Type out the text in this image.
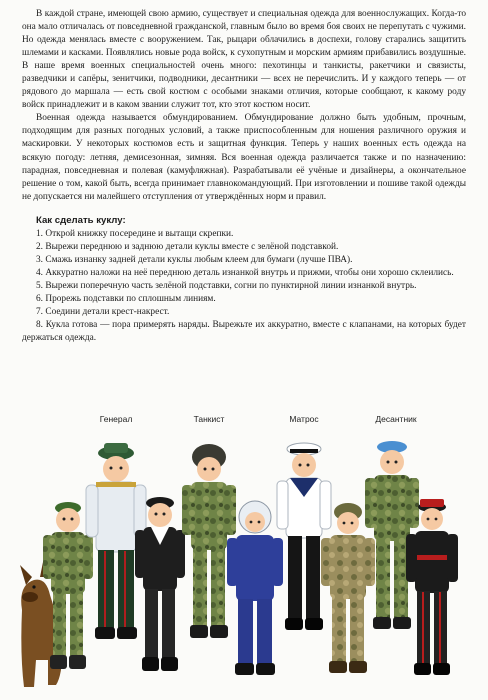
В каждой стране, имеющей свою армию, существует и специальная одежда для военнослужащих. Когда-то она мало отличалась от повседневной гражданской, главным было во время боя своих не перепутать с чужими. Но одежда менялась вместе с вооружением. Так, рыцари облачились в доспехи, голову старались защитить шлемами и касками. Появлялись новые рода войск, к сухопутным и морским армиям прибавились воздушные. В наше время военных специальностей очень много: пехотинцы и танкисты, ракетчики и связисты, разведчики и сапёры, зенитчики, подводники, десантники — всех не перечислить. И у каждого теперь — от рядового до маршала — есть свой костюм с особыми знаками отличия, которые сообщают, к какому роду войск принадлежит и в каком звании служит тот, кто этот костюм носит.

Военная одежда называется обмундированием. Обмундирование должно быть удобным, прочным, подходящим для разных погодных условий, а также приспособленным для ношения различного оружия и маскировки. У некоторых костюмов есть и защитная функция. Теперь у наших военных есть одежда на всякую погоду: летняя, демисезонная, зимняя. Вся военная одежда различается также и по назначению: парадная, повседневная и полевая (камуфляжная). Разрабатывали её учёные и дизайнеры, а окончательное решение о том, какой быть, всегда принимает главнокомандующий. При изготовлении и пошиве такой одежды не допускается ни малейшего отступления от утверждённых норм и правил.

Как сделать куклу:
1. Открой книжку посередине и вытащи скрепки.
2. Вырежи переднюю и заднюю детали куклы вместе с зелёной подставкой.
3. Смажь изнанку задней детали куклы любым клеем для бумаги (лучше ПВА).
4. Аккуратно наложи на неё переднюю деталь изнанкой внутрь и прижми, чтобы они хорошо склеились.
5. Вырежи поперечную часть зелёной подставки, согни по пунктирной линии изнанкой внутрь.
6. Прорежь подставки по сплошным линиям.
7. Соедини детали крест-накрест.
8. Кукла готова — пора примерять наряды. Вырежьте их аккуратно, вместе с клапанами, на которых будет держаться одежда.
Генерал	Танкист	Матрос	Десантник
